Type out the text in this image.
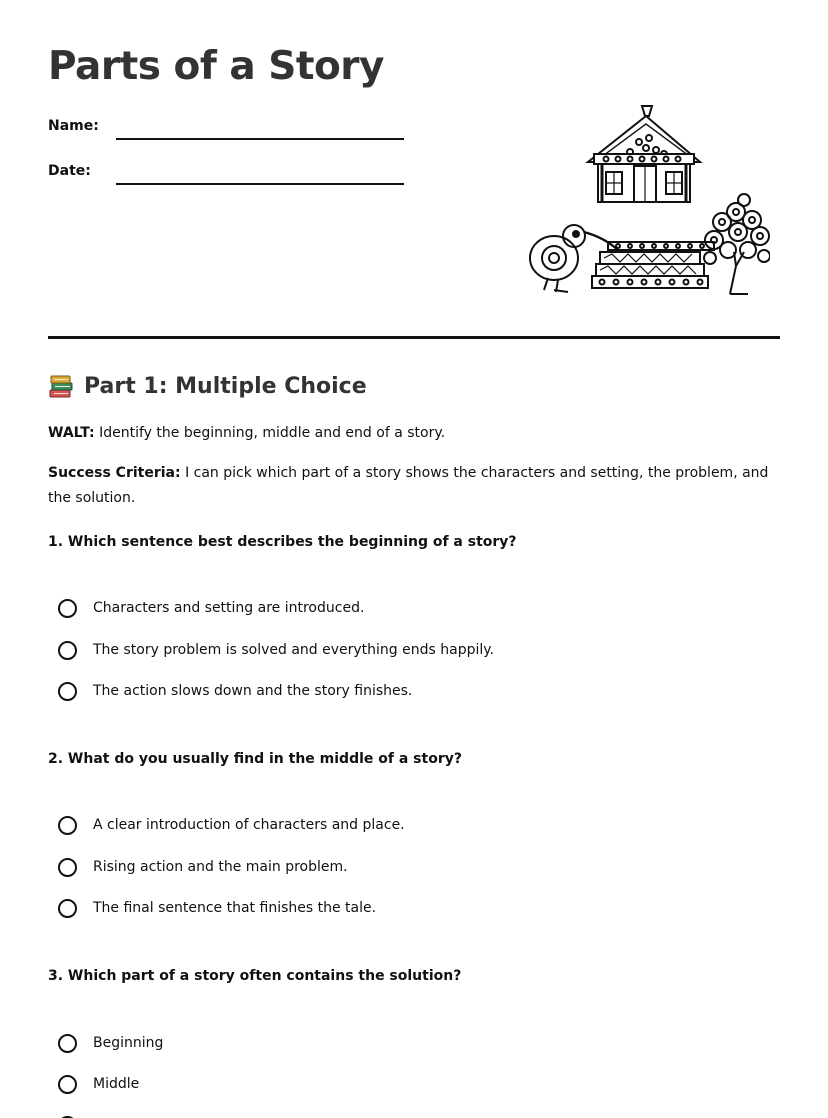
Parts of a Story
Name:
Date:
Part 1: Multiple Choice

WALT: Identify the beginning, middle and end of a story.

Success Criteria: I can pick which part of a story shows the characters and setting, the problem, and the solution.

1. Which sentence best describes the beginning of a story?

Characters and setting are introduced.
The story problem is solved and everything ends happily.
The action slows down and the story finishes.

2. What do you usually find in the middle of a story?

A clear introduction of characters and place.
Rising action and the main problem.
The final sentence that finishes the tale.

3. Which part of a story often contains the solution?

Beginning
Middle
